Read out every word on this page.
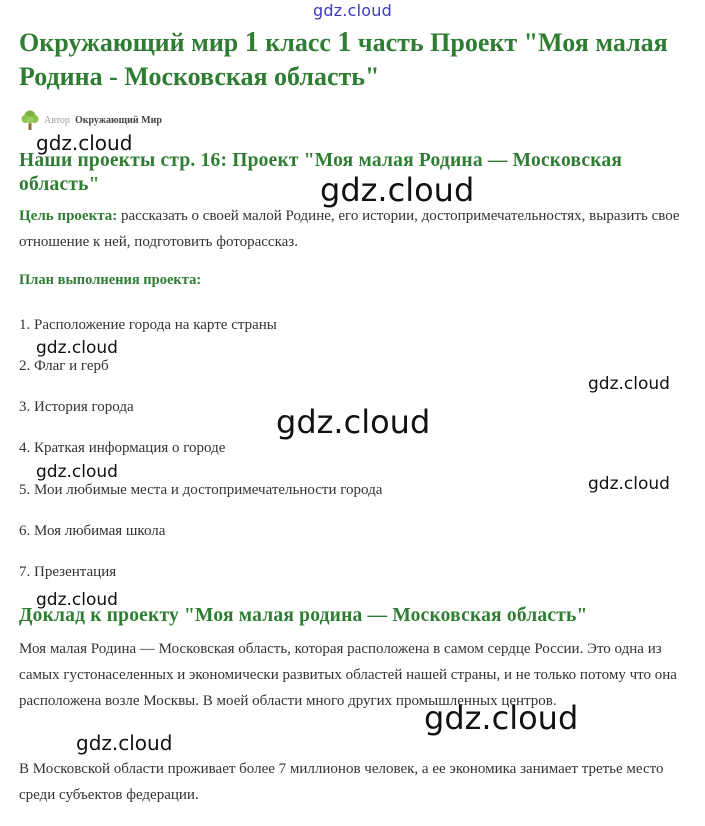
gdz.cloud
Окружающий мир 1 класс 1 часть Проект "Моя малая Родина - Московская область"
Автор Окружающий Мир
Наши проекты стр. 16: Проект "Моя малая Родина — Московская область"

Цель проекта: рассказать о своей малой Родине, его истории, достопримечательностях, выразить свое отношение к ней, подготовить фоторассказ.

План выполнения проекта:

1. Расположение города на карте страны

2. Флаг и герб

3. История города

4. Краткая информация о городе

5. Мои любимые места и достопримечательности города

6. Моя любимая школа

7. Презентация

Доклад к проекту "Моя малая родина — Московская область"

Моя малая Родина — Московская область, которая расположена в самом сердце России. Это одна из самых густонаселенных и экономически развитых областей нашей страны, и не только потому что она расположена возле Москвы. В моей области много других промышленных центров.

В Московской области проживает более 7 миллионов человек, а ее экономика занимает третье место среди субъектов федерации.

gdz.cloud
gdz.cloud
gdz.cloud
gdz.cloud
gdz.cloud
gdz.cloud
gdz.cloud
gdz.cloud
gdz.cloud
gdz.cloud
